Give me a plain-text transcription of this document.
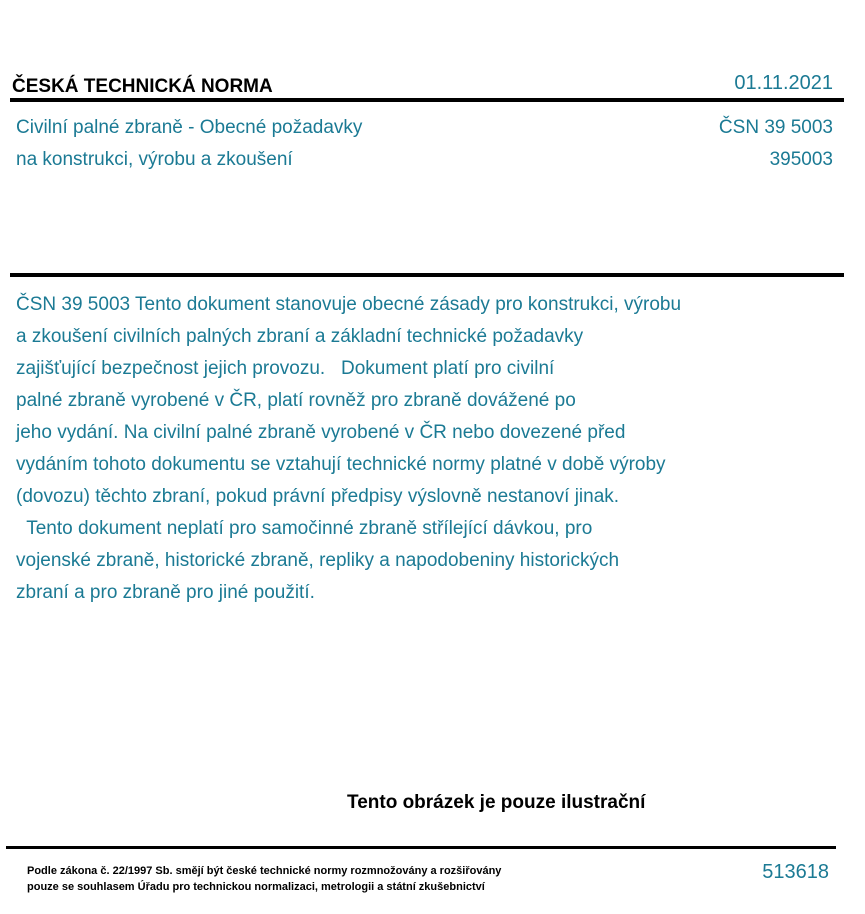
ČESKÁ TECHNICKÁ NORMA	01.11.2021
Civilní palné zbraně - Obecné požadavky
na konstrukci, výrobu a zkoušení
ČSN 39 5003
395003
ČSN 39 5003 Tento dokument stanovuje obecné zásady pro konstrukci, výrobu
a zkoušení civilních palných zbraní a základní technické požadavky
zajišťující bezpečnost jejich provozu.   Dokument platí pro civilní
palné zbraně vyrobené v ČR, platí rovněž pro zbraně dovážené po
jeho vydání. Na civilní palné zbraně vyrobené v ČR nebo dovezené před
vydáním tohoto dokumentu se vztahují technické normy platné v době výroby
(dovozu) těchto zbraní, pokud právní předpisy výslovně nestanoví jinak.
Tento dokument neplatí pro samočinné zbraně střílející dávkou, pro
vojenské zbraně, historické zbraně, repliky a napodobeniny historických
zbraní a pro zbraně pro jiné použití.
Tento obrázek je pouze ilustrační
Podle zákona č. 22/1997 Sb. smějí být české technické normy rozmnožovány a rozšiřovány
pouze se souhlasem Úřadu pro technickou normalizaci, metrologii a státní zkušebnictví
513618
